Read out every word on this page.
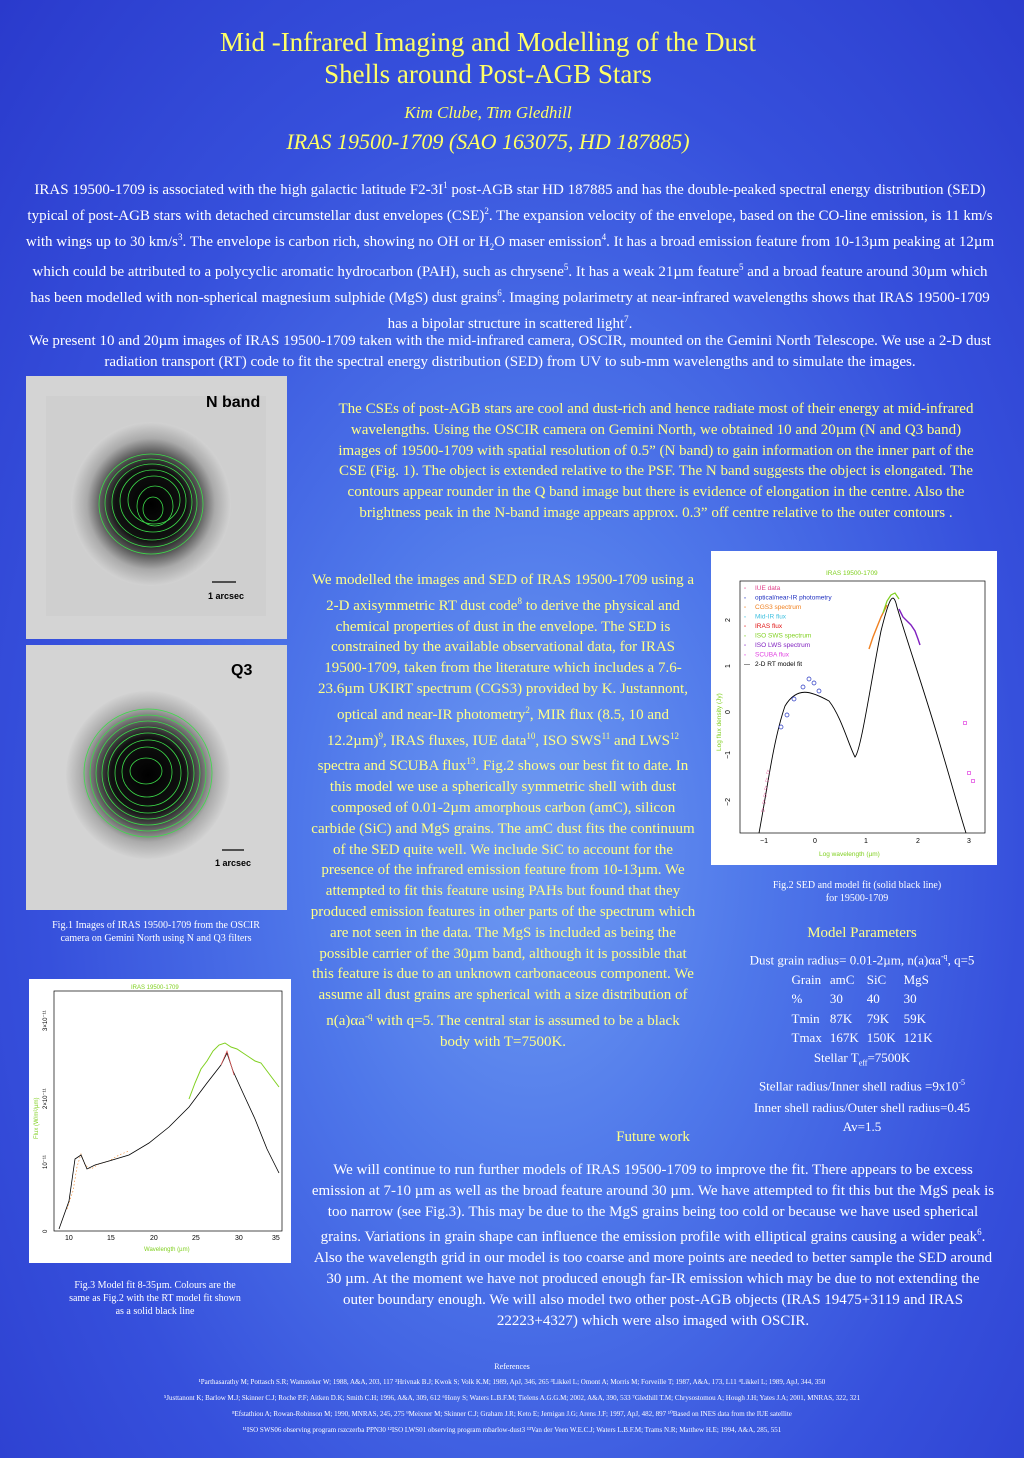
Mid -Infrared Imaging and Modelling of the Dust
Shells around Post-AGB Stars
Kim Clube, Tim Gledhill
IRAS 19500-1709 (SAO 163075, HD 187885)
IRAS 19500-1709 is associated with the high galactic latitude $F2-3I^1$ post-AGB star HD 187885 and has the double-peaked spectral energy distribution (SED) typical of post-AGB stars with detached circumstellar dust envelopes (CSE)$^2$. The expansion velocity of the envelope, based on the CO-line emission, is 11 km/s with wings up to 30 $km/s^3$. The envelope is carbon rich, showing no OH or $H_2O$ maser emission$^4$. It has a broad emission feature from 10-13µm peaking at 12µm which could be attributed to a polycyclic aromatic hydrocarbon (PAH), such as chrysene$^5$. It has a weak 21µm feature$^5$ and a broad feature around 30µm which has been modelled with non-spherical magnesium sulphide (MgS) dust grains$^6$. Imaging polarimetry at near-infrared wavelengths shows that IRAS 19500-1709 has a bipolar structure in scattered light$^7$.
We present 10 and 20µm images of IRAS 19500-1709 taken with the mid-infrared camera, OSCIR, mounted on the Gemini North Telescope. We use a 2-D dust radiation transport (RT) code to fit the spectral energy distribution (SED) from UV to sub-mm wavelengths and to simulate the images.
N band
1 arcsec
Q3
1 arcsec
Fig.1 Images of IRAS 19500-1709 from the OSCIR camera on Gemini North using N and Q3 filters
The CSEs of post-AGB stars are cool and dust-rich and hence radiate most of their energy at mid-infrared wavelengths. Using the OSCIR camera on Gemini North, we obtained 10 and 20µm (N and Q3 band) images of 19500-1709 with spatial resolution of 0.5” (N band) to gain information on the inner part of the CSE (Fig. 1). The object is extended relative to the PSF. The N band suggests the object is elongated. The contours appear rounder in the Q band image but there is evidence of elongation in the centre. Also the brightness peak in the N-band image appears approx. 0.3” off centre relative to the outer contours .
We modelled the images and SED of IRAS 19500-1709 using a 2-D axisymmetric RT dust code$^8$ to derive the physical and chemical properties of dust in the envelope. The SED is constrained by the available observational data, for IRAS 19500-1709, taken from the literature which includes a 7.6-23.6µm UKIRT spectrum (CGS3) provided by K. Justannont, optical and near-IR photometry$^2$, MIR flux (8.5, 10 and 12.2µm)$^9$, IRAS fluxes, IUE data$^{10}$, ISO SWS$^{11}$ and LWS$^{12}$ spectra and SCUBA flux$^{13}$. Fig.2 shows our best fit to date. In this model we use a spherically symmetric shell with dust composed of 0.01-2µm amorphous carbon (amC), silicon carbide (SiC) and MgS grains. The amC dust fits the continuum of the SED quite well. We include SiC to account for the presence of the infrared emission feature from 10-13µm. We attempted to fit this feature using PAHs but found that they produced emission features in other parts of the spectrum which are not seen in the data. The MgS is included as being the possible carrier of the 30µm band, although it is possible that this feature is due to an unknown carbonaceous component. We assume all dust grains are spherical with a size distribution of $n(a)\alpha a^{-q}$ with q=5. The central star is assumed to be a black body with T=7500K.
IRAS 19500-1709
−1	0	1	2	3
−2
−1
0
1
2
Log wavelength (µm)
Log flux density (Jy)
▫ IUE data
▫ optical/near-IR photometry
▫ CGS3 spectrum
▫ Mid-IR flux
▫ IRAS flux
▫ ISO SWS spectrum
▫ ISO LWS spectrum
▫ SCUBA flux
— 2-D RT model fit
△
△
△
△
△
△
Fig.2 SED and model fit (solid black line) for 19500-1709
Model Parameters
Dust grain radius= 0.01-2µm, $n(a)\alpha a^{-q}$, q=5
Grain	amC	SiC	MgS
%	30	40	30
Tmin	87K	79K	59K
Tmax	167K	150K	121K
Stellar $T_{eff}=7500K$
Stellar radius/Inner shell radius $=9x10^{-5}$
Inner shell radius/Outer shell radius=0.45
Av=1.5
IRAS 19500-1709
10	15	20	25	30	35
0
10⁻¹¹
2×10⁻¹¹
3×10⁻¹¹
Wavelength (µm)
Flux (W/m²/µm)
Fig.3 Model fit 8-35µm. Colours are the same as Fig.2 with the RT model fit shown as a solid black line
Future work
We will continue to run further models of IRAS 19500-1709 to improve the fit. There appears to be excess emission at 7-10 µm as well as the broad feature around 30 µm. We have attempted to fit this but the MgS peak is too narrow (see Fig.3). This may be due to the MgS grains being too cold or because we have used spherical grains. Variations in grain shape can influence the emission profile with elliptical grains causing a wider peak$^6$. Also the wavelength grid in our model is too coarse and more points are needed to better sample the SED around 30 µm. At the moment we have not produced enough far-IR emission which may be due to not extending the outer boundary enough. We will also model two other post-AGB objects (IRAS 19475+3119 and IRAS 22223+4327) which were also imaged with OSCIR.
References
¹Parthasarathy M; Pottasch S.R; Wamsteker W; 1988, A&A, 203, 117 ²Hrivnak B.J; Kwok S; Volk K.M; 1989, ApJ, 346, 265 ³Likkel L; Omont A; Morris M; Forveille T; 1987, A&A, 173, L11 ⁴Likkel L; 1989, ApJ, 344, 350
⁵Justtanont K; Barlow M.J; Skinner C.J; Roche P.F; Aitken D.K; Smith C.H; 1996, A&A, 309, 612 ⁶Hony S; Waters L.B.F.M; Tielens A.G.G.M; 2002, A&A, 390, 533 ⁷Gledhill T.M; Chrysostomou A; Hough J.H; Yates J.A; 2001, MNRAS, 322, 321
⁸Efstathiou A; Rowan-Robinson M; 1990, MNRAS, 245, 275 ⁹Meixner M; Skinner C.J; Graham J.R; Keto E; Jernigan J.G; Arens J.F; 1997, ApJ, 482, 897 ¹⁰Based on INES data from the IUE satellite
¹¹ISO SWS06 observing program rszczerba PPN30 ¹²ISO LWS01 observing program mbarlow-dust3 ¹³Van der Veen W.E.C.J; Waters L.B.F.M; Trams N.R; Matthew H.E; 1994, A&A, 285, 551
